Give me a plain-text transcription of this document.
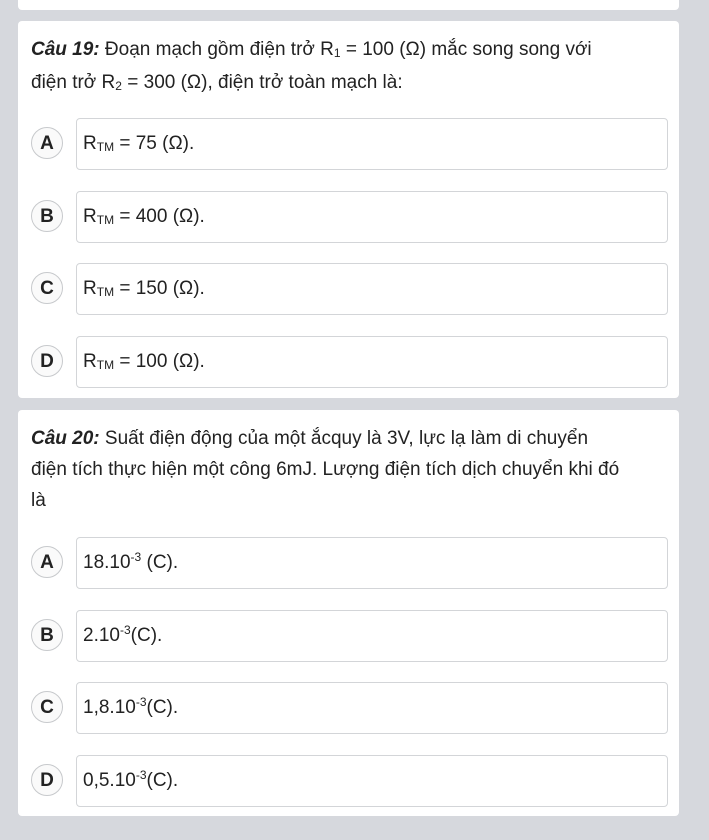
Câu 19: Đoạn mạch gồm điện trở $R_1 = 100$ (Ω) mắc song song với
điện trở $R_2 = 300$ (Ω), điện trở toàn mạch là:
A	$R_{TM} = 75$ (Ω).
B	$R_{TM} = 400$ (Ω).
C	$R_{TM} = 150$ (Ω).
D	$R_{TM} = 100$ (Ω).
Câu 20: Suất điện động của một ắcquy là 3V, lực lạ làm di chuyển
điện tích thực hiện một công 6mJ. Lượng điện tích dịch chuyển khi đó
là
A	$18.10^{-3}$ (C).
B	$2.10^{-3}(C)$.
C	$1,8.10^{-3}(C)$.
D	$0,5.10^{-3}(C)$.
